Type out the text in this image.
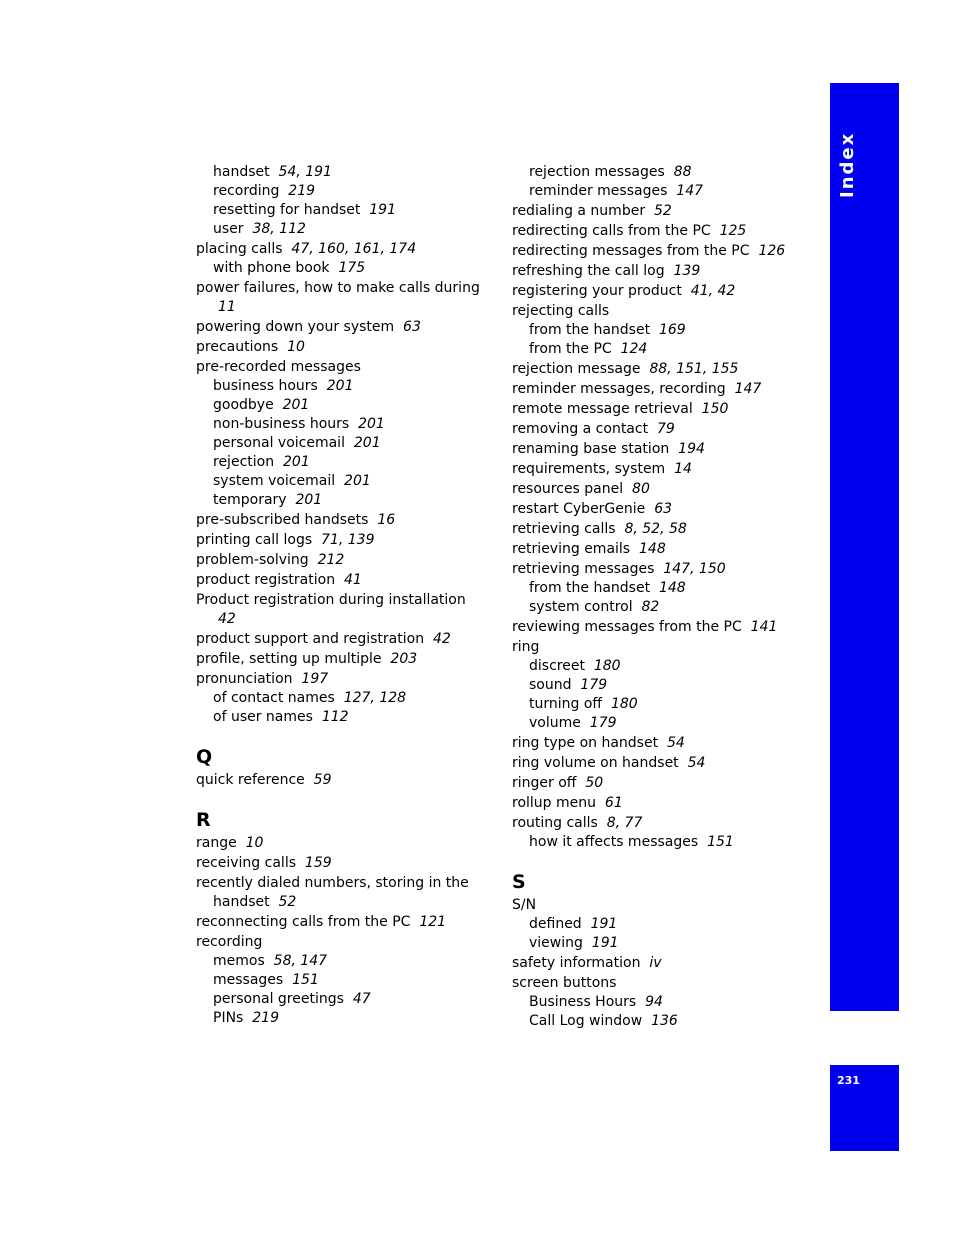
Index
231
handset 54, 191
recording 219
resetting for handset 191
user 38, 112
placing calls 47, 160, 161, 174
with phone book 175
power failures, how to make calls during
11
powering down your system 63
precautions 10
pre-recorded messages
business hours 201
goodbye 201
non-business hours 201
personal voicemail 201
rejection 201
system voicemail 201
temporary 201
pre-subscribed handsets 16
printing call logs 71, 139
problem-solving 212
product registration 41
Product registration during installation
42
product support and registration 42
profile, setting up multiple 203
pronunciation 197
of contact names 127, 128
of user names 112
Q
quick reference 59
R
range 10
receiving calls 159
recently dialed numbers, storing in the
handset 52
reconnecting calls from the PC 121
recording
memos 58, 147
messages 151
personal greetings 47
PINs 219
rejection messages 88
reminder messages 147
redialing a number 52
redirecting calls from the PC 125
redirecting messages from the PC 126
refreshing the call log 139
registering your product 41, 42
rejecting calls
from the handset 169
from the PC 124
rejection message 88, 151, 155
reminder messages, recording 147
remote message retrieval 150
removing a contact 79
renaming base station 194
requirements, system 14
resources panel 80
restart CyberGenie 63
retrieving calls 8, 52, 58
retrieving emails 148
retrieving messages 147, 150
from the handset 148
system control 82
reviewing messages from the PC 141
ring
discreet 180
sound 179
turning off 180
volume 179
ring type on handset 54
ring volume on handset 54
ringer off 50
rollup menu 61
routing calls 8, 77
how it affects messages 151
S
S/N
defined 191
viewing 191
safety information iv
screen buttons
Business Hours 94
Call Log window 136
